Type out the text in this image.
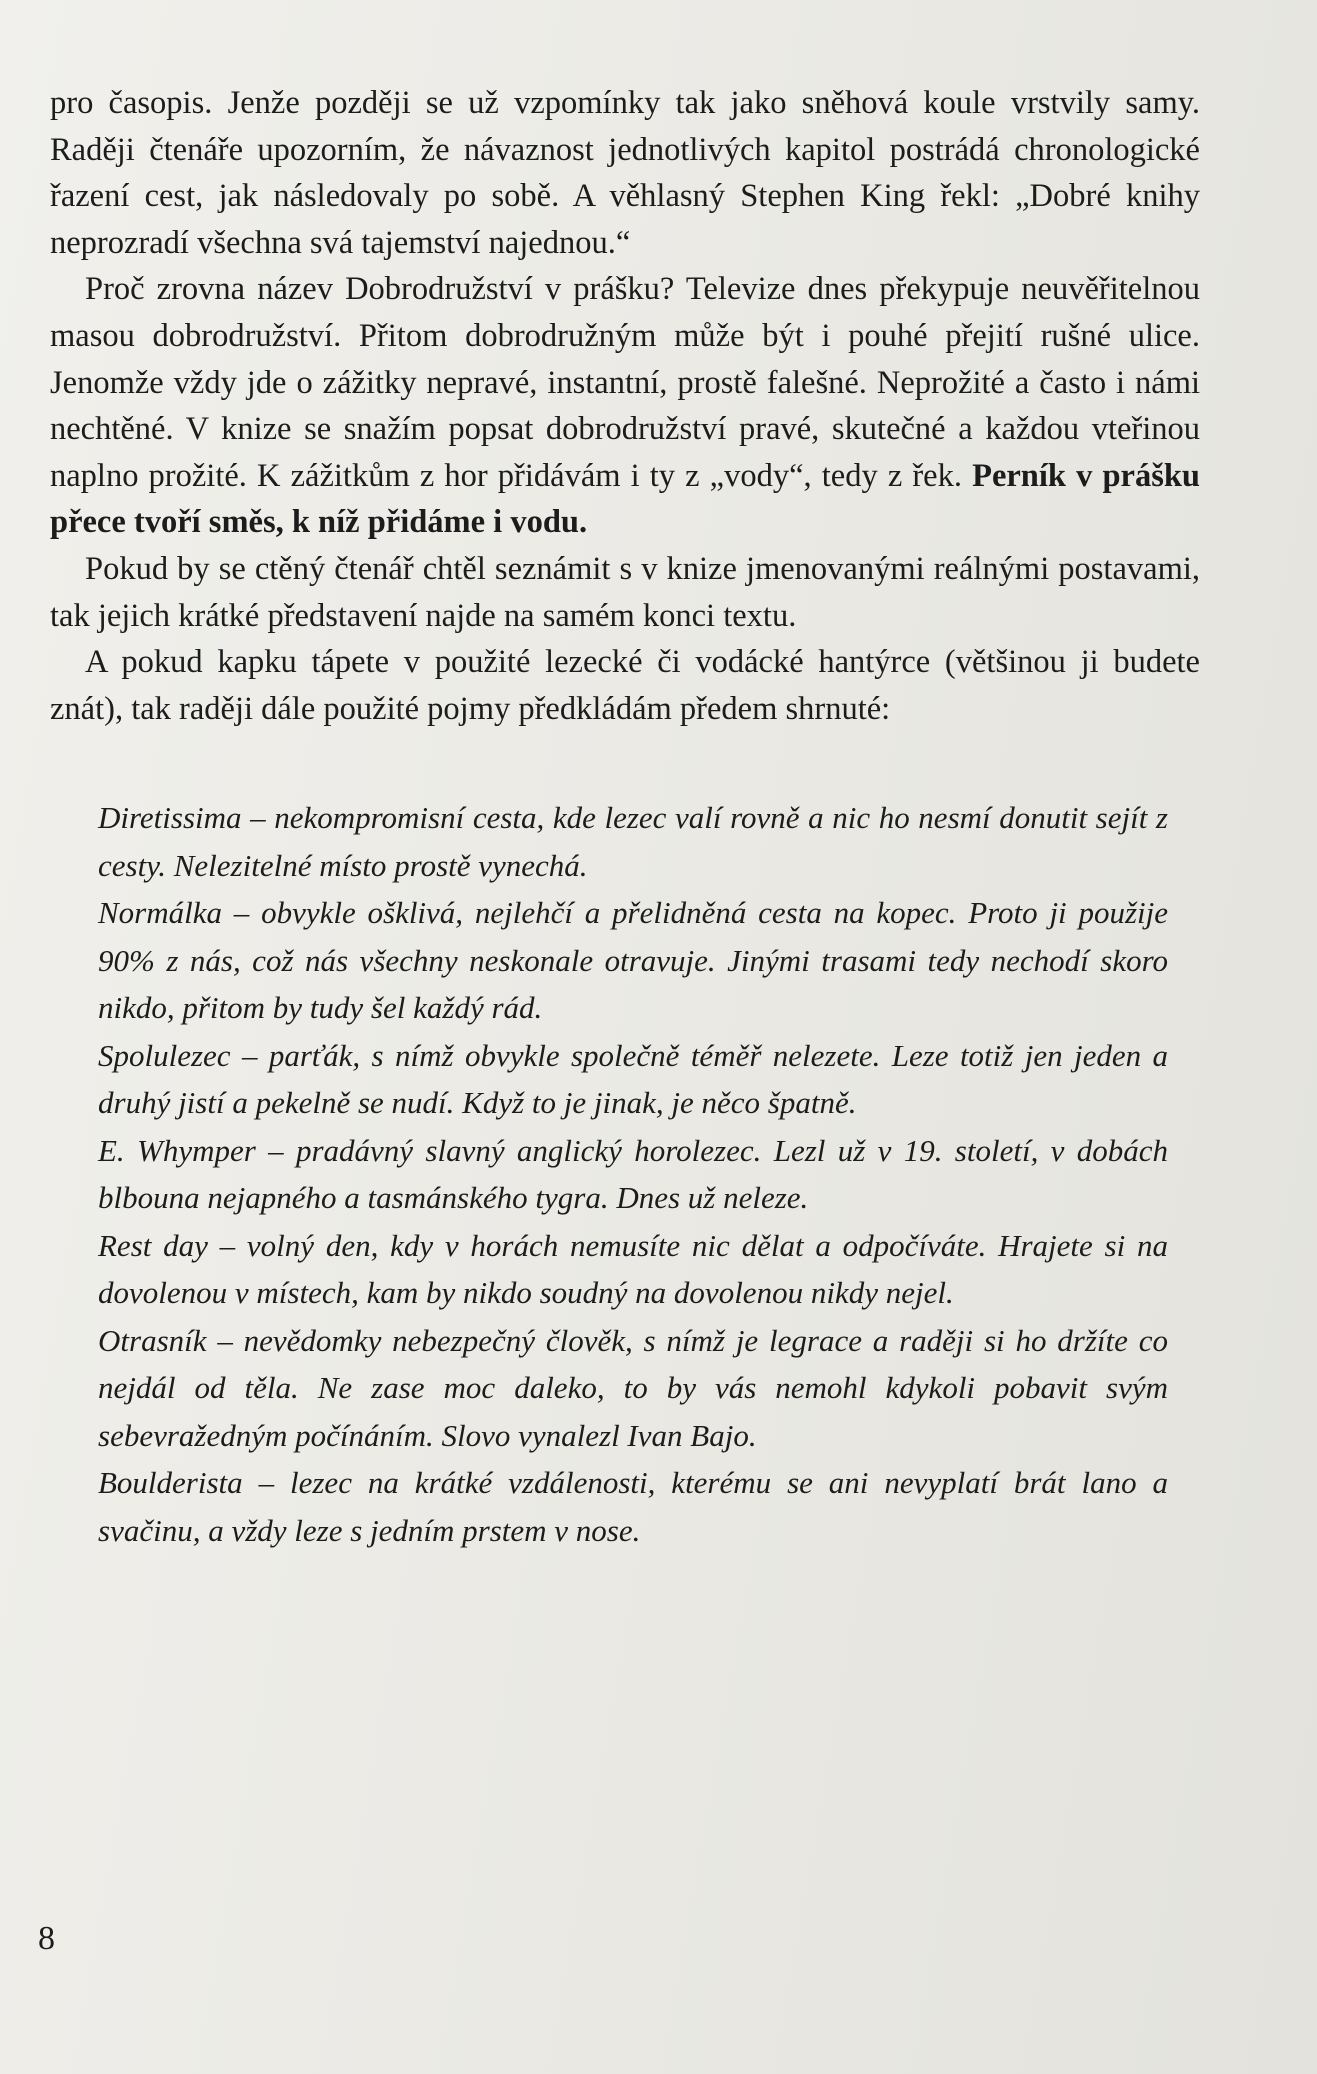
pro časopis. Jenže později se už vzpomínky tak jako sněhová koule vrstvily samy. Raději čtenáře upozorním, že návaznost jednotlivých kapitol postrádá chronologické řazení cest, jak následovaly po sobě. A věhlasný Stephen King řekl: „Dobré knihy neprozradí všechna svá tajemství najednou.“

Proč zrovna název Dobrodružství v prášku? Televize dnes překypuje neuvěřitelnou masou dobrodružství. Přitom dobrodružným může být i pouhé přejití rušné ulice. Jenomže vždy jde o zážitky nepravé, instantní, prostě falešné. Neprožité a často i námi nechtěné. V knize se snažím popsat dobrodružství pravé, skutečné a každou vteřinou naplno prožité. K zážitkům z hor přidávám i ty z „vody“, tedy z řek. Perník v prášku přece tvoří směs, k níž přidáme i vodu.

Pokud by se ctěný čtenář chtěl seznámit s v knize jmenovanými reálnými postavami, tak jejich krátké představení najde na samém konci textu.

A pokud kapku tápete v použité lezecké či vodácké hantýrce (většinou ji budete znát), tak raději dále použité pojmy předkládám předem shrnuté:

Diretissima – nekompromisní cesta, kde lezec valí rovně a nic ho nesmí donutit sejít z cesty. Nelezitelné místo prostě vynechá.

Normálka – obvykle ošklivá, nejlehčí a přelidněná cesta na kopec. Proto ji použije 90% z nás, což nás všechny neskonale otravuje. Jinými trasami tedy nechodí skoro nikdo, přitom by tudy šel každý rád.

Spolulezec – parťák, s nímž obvykle společně téměř nelezete. Leze totiž jen jeden a druhý jistí a pekelně se nudí. Když to je jinak, je něco špatně.

E. Whymper – pradávný slavný anglický horolezec. Lezl už v 19. století, v dobách blbouna nejapného a tasmánského tygra. Dnes už neleze.

Rest day – volný den, kdy v horách nemusíte nic dělat a odpočíváte. Hrajete si na dovolenou v místech, kam by nikdo soudný na dovolenou nikdy nejel.

Otrasník – nevědomky nebezpečný člověk, s nímž je legrace a raději si ho držíte co nejdál od těla. Ne zase moc daleko, to by vás nemohl kdykoli pobavit svým sebevražedným počínáním. Slovo vynalezl Ivan Bajo.

Boulderista – lezec na krátké vzdálenosti, kterému se ani nevyplatí brát lano a svačinu, a vždy leze s jedním prstem v nose.

8
